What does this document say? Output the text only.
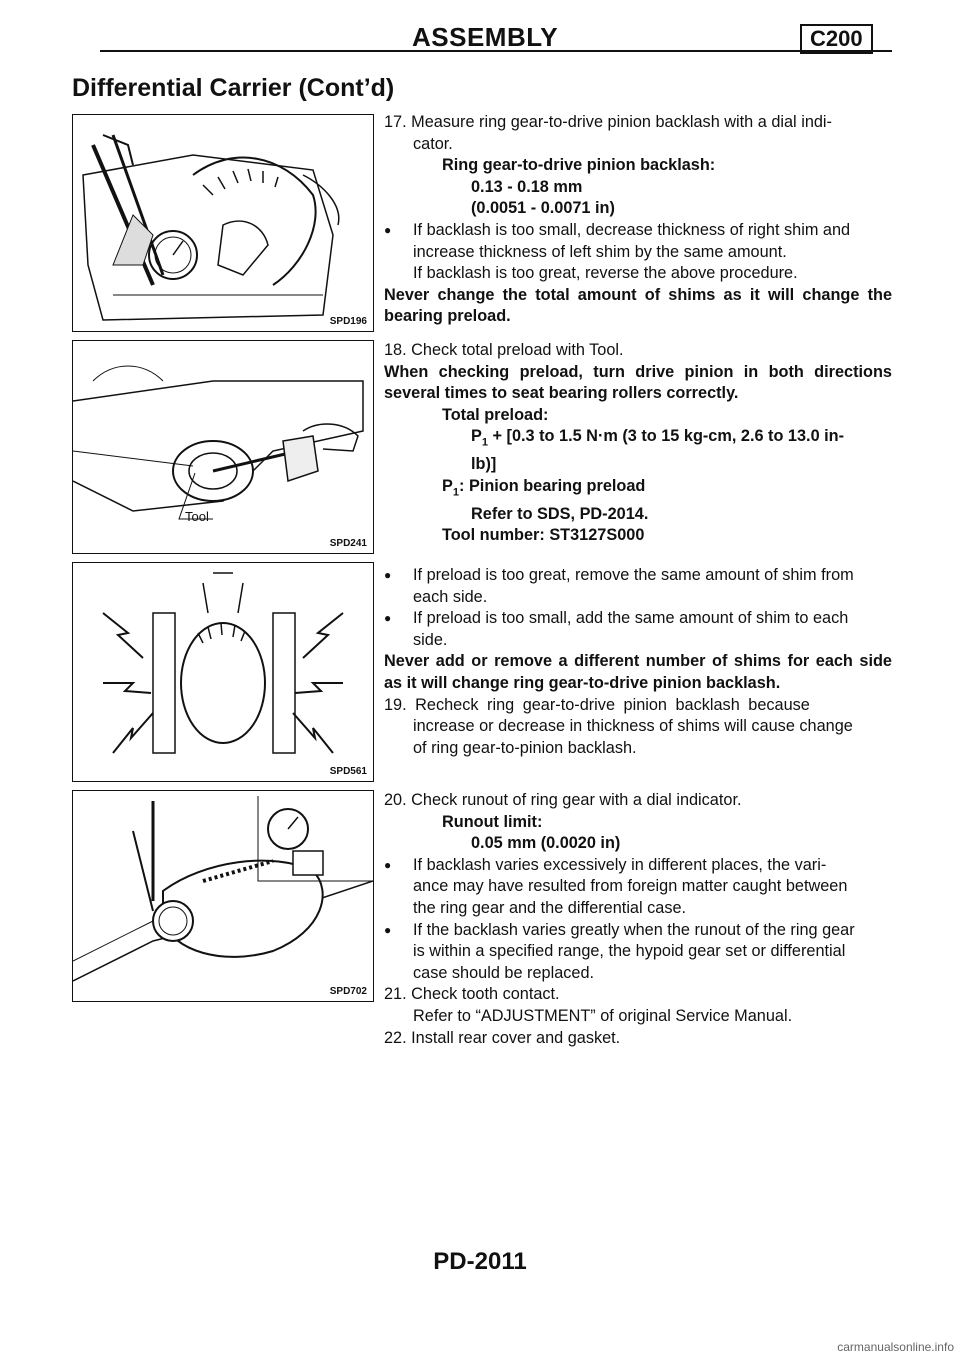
ASSEMBLY	C200
Differential Carrier (Cont’d)
SPD196
Tool
SPD241
SPD561
SPD702

17. Measure ring gear-to-drive pinion backlash with a dial indi-

cator.

Ring gear-to-drive pinion backlash:

0.13 - 0.18 mm

(0.0051 - 0.0071 in)

● If backlash is too small, decrease thickness of right shim and

increase thickness of left shim by the same amount.

If backlash is too great, reverse the above procedure.

Never change the total amount of shims as it will change the bearing preload.

18. Check total preload with Tool.

When checking preload, turn drive pinion in both directions several times to seat bearing rollers correctly.

Total preload:

$P_1 + [0.3$ to 1.5 N·m (3 to 15 kg-cm, 2.6 to 13.0 in-

lb)]

$P_1$: Pinion bearing preload

Refer to SDS, PD-2014.

Tool number: ST3127S000

● If preload is too great, remove the same amount of shim from

each side.

● If preload is too small, add the same amount of shim to each

side.

Never add or remove a different number of shims for each side as it will change ring gear-to-drive pinion backlash.

19. Recheck ring gear-to-drive pinion backlash because

increase or decrease in thickness of shims will cause change

of ring gear-to-pinion backlash.

20. Check runout of ring gear with a dial indicator.

Runout limit:

0.05 mm (0.0020 in)

● If backlash varies excessively in different places, the vari-

ance may have resulted from foreign matter caught between

the ring gear and the differential case.

● If the backlash varies greatly when the runout of the ring gear

is within a specified range, the hypoid gear set or differential

case should be replaced.

21. Check tooth contact.

Refer to “ADJUSTMENT” of original Service Manual.

22. Install rear cover and gasket.

PD-2011
carmanualsonline.info
